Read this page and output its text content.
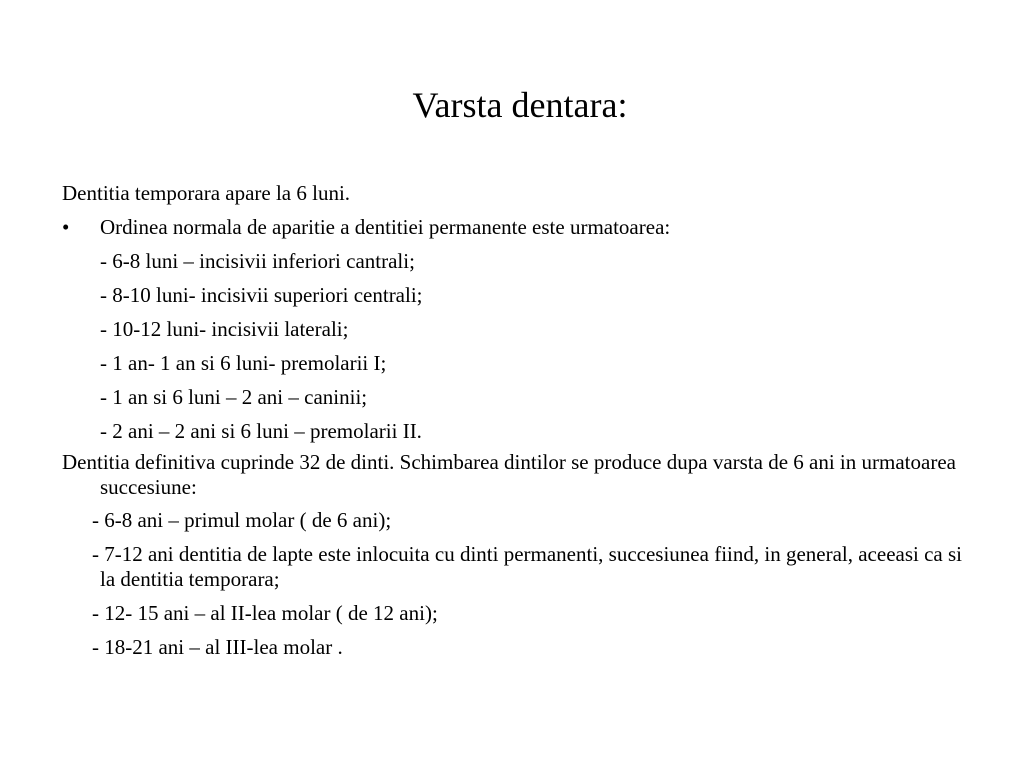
Varsta dentara:
Dentitia temporara apare la 6 luni.
• Ordinea normala de aparitie a dentitiei permanente este urmatoarea:
- 6-8 luni – incisivii inferiori cantrali;
- 8-10 luni- incisivii superiori centrali;
- 10-12 luni- incisivii laterali;
- 1 an- 1 an si 6 luni- premolarii I;
- 1 an si 6 luni – 2 ani – caninii;
- 2 ani – 2 ani si 6 luni – premolarii II.
Dentitia definitiva cuprinde 32 de dinti. Schimbarea dintilor se produce dupa varsta de 6 ani in urmatoarea succesiune:
- 6-8 ani – primul molar ( de 6 ani);
- 7-12 ani dentitia de lapte este inlocuita cu dinti permanenti, succesiunea fiind, in general, aceeasi ca si la dentitia temporara;
- 12- 15 ani – al II-lea molar ( de 12 ani);
- 18-21 ani – al III-lea molar .
